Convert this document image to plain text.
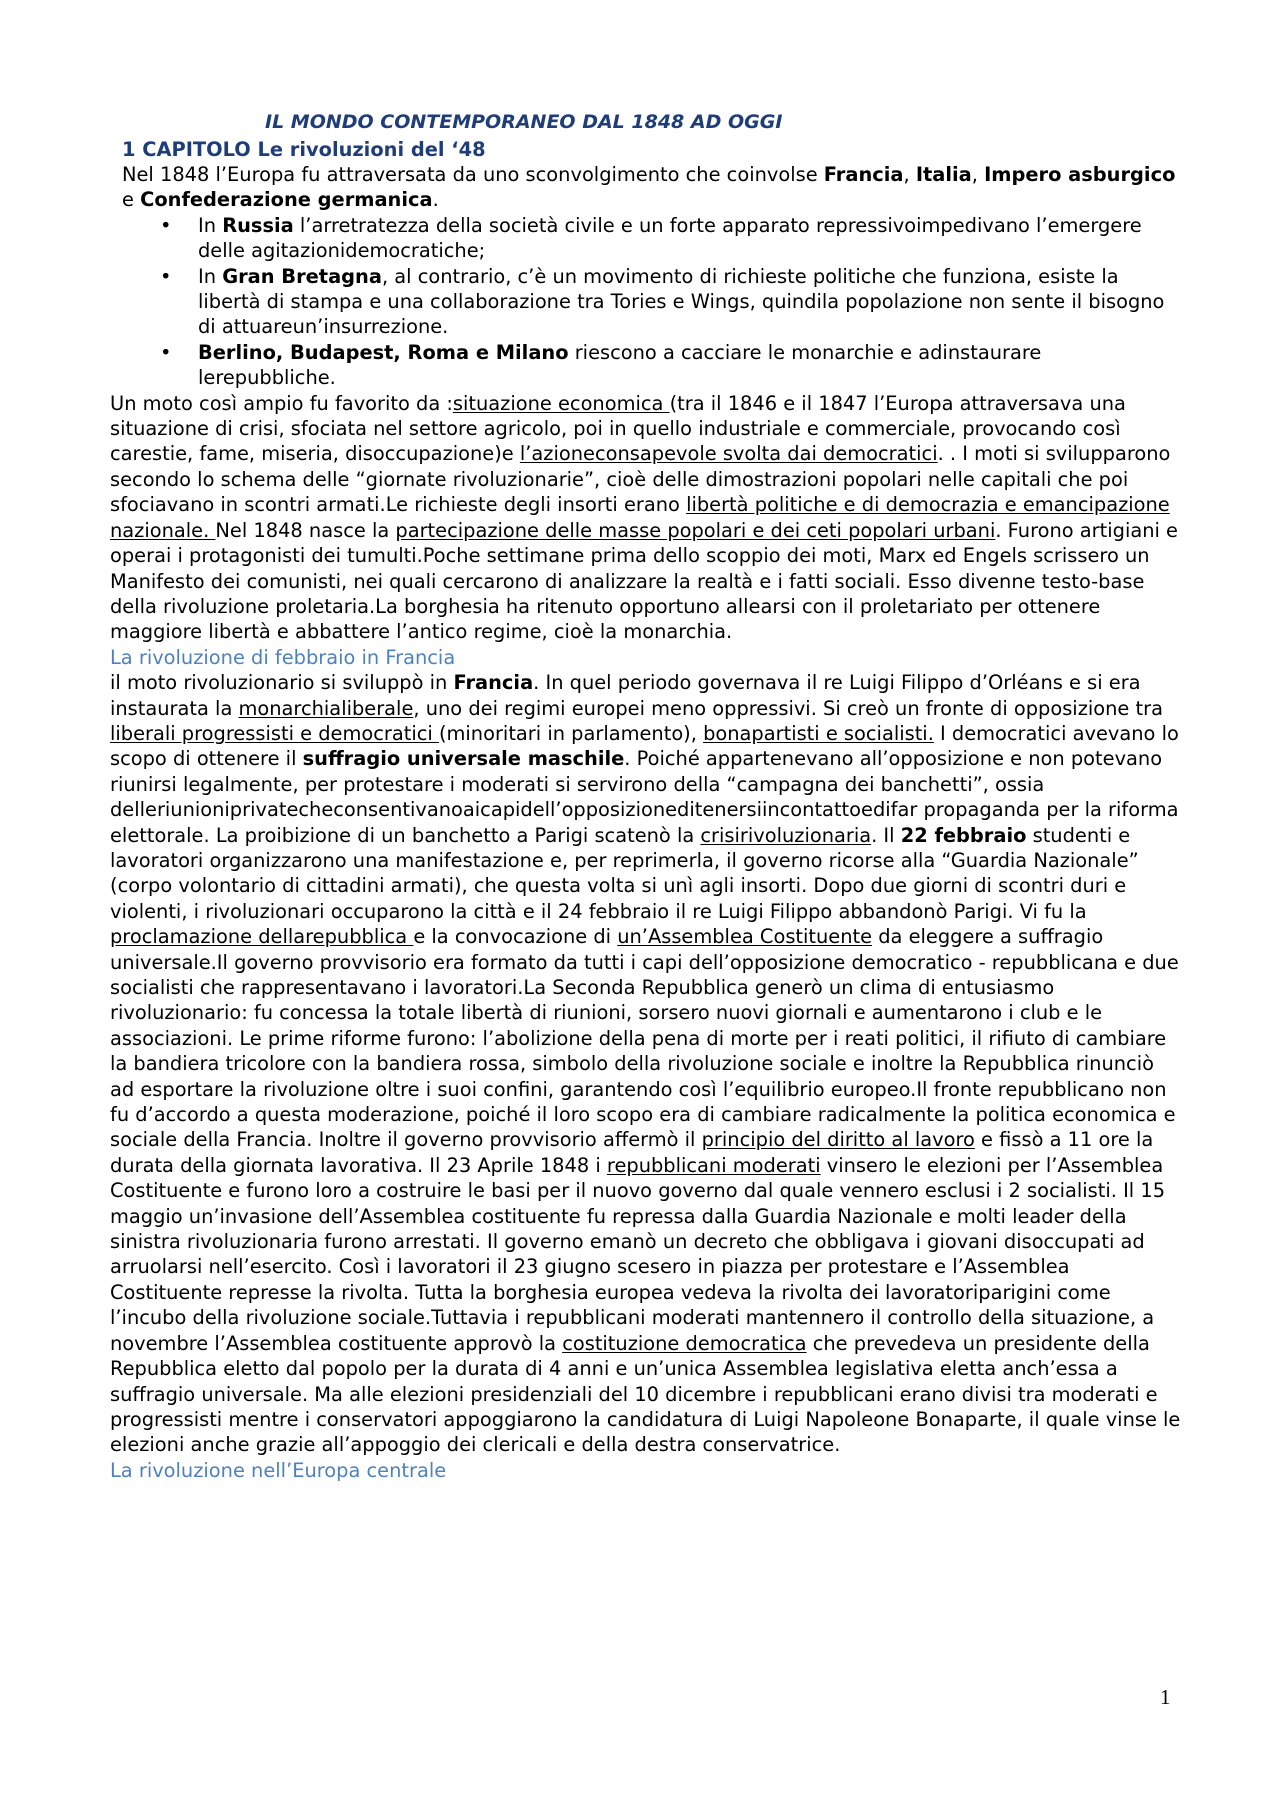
IL MONDO CONTEMPORANEO DAL 1848 AD OGGI
1 CAPITOLO Le rivoluzioni del ‘48
Nel 1848 l’Europa fu attraversata da uno sconvolgimento che coinvolse Francia, Italia, Impero asburgico e Confederazione germanica.
• In Russia l’arretratezza della società civile e un forte apparato repressivoimpedivano l’emergere delle agitazionidemocratiche;
• In Gran Bretagna, al contrario, c’è un movimento di richieste politiche che funziona, esiste la libertà di stampa e una collaborazione tra Tories e Wings, quindila popolazione non sente il bisogno di attuareun’insurrezione.
• Berlino, Budapest, Roma e Milano riescono a cacciare le monarchie e adinstaurare lerepubbliche.
Un moto così ampio fu favorito da :situazione economica (tra il 1846 e il 1847 l’Europa attraversava una situazione di crisi, sfociata nel settore agricolo, poi in quello industriale e commerciale, provocando così carestie, fame, miseria, disoccupazione)e l’azioneconsapevole svolta dai democratici. . I moti si svilupparono secondo lo schema delle “giornate rivoluzionarie”, cioè delle dimostrazioni popolari nelle capitali che poi sfociavano in scontri armati.Le richieste degli insorti erano libertà politiche e di democrazia e emancipazione nazionale. Nel 1848 nasce la partecipazione delle masse popolari e dei ceti popolari urbani. Furono artigiani e operai i protagonisti dei tumulti.Poche settimane prima dello scoppio dei moti, Marx ed Engels scrissero un Manifesto dei comunisti, nei quali cercarono di analizzare la realtà e i fatti sociali. Esso divenne testo-base della rivoluzione proletaria.La borghesia ha ritenuto opportuno allearsi con il proletariato per ottenere maggiore libertà e abbattere l’antico regime, cioè la monarchia.
La rivoluzione di febbraio in Francia
il moto rivoluzionario si sviluppò in Francia. In quel periodo governava il re Luigi Filippo d’Orléans e si era instaurata la monarchialiberale, uno dei regimi europei meno oppressivi. Si creò un fronte di opposizione tra liberali progressisti e democratici (minoritari in parlamento), bonapartisti e socialisti. I democratici avevano lo scopo di ottenere il suffragio universale maschile. Poiché appartenevano all’opposizione e non potevano riunirsi legalmente, per protestare i moderati si servirono della “campagna dei banchetti”, ossia delleriunioniprivatecheconsentivanoaicapidell’opposizioneditenersiincontattoedifar propaganda per la riforma elettorale. La proibizione di un banchetto a Parigi scatenò la crisirivoluzionaria. Il 22 febbraio studenti e lavoratori organizzarono una manifestazione e, per reprimerla, il governo ricorse alla “Guardia Nazionale” (corpo volontario di cittadini armati), che questa volta si unì agli insorti. Dopo due giorni di scontri duri e violenti, i rivoluzionari occuparono la città e il 24 febbraio il re Luigi Filippo abbandonò Parigi. Vi fu la proclamazione dellarepubblica e la convocazione di un’Assemblea Costituente da eleggere a suffragio universale.Il governo provvisorio era formato da tutti i capi dell’opposizione democratico - repubblicana e due socialisti che rappresentavano i lavoratori.La Seconda Repubblica generò un clima di entusiasmo rivoluzionario: fu concessa la totale libertà di riunioni, sorsero nuovi giornali e aumentarono i club e le associazioni. Le prime riforme furono: l’abolizione della pena di morte per i reati politici, il rifiuto di cambiare la bandiera tricolore con la bandiera rossa, simbolo della rivoluzione sociale e inoltre la Repubblica rinunciò ad esportare la rivoluzione oltre i suoi confini, garantendo così l’equilibrio europeo.Il fronte repubblicano non fu d’accordo a questa moderazione, poiché il loro scopo era di cambiare radicalmente la politica economica e sociale della Francia. Inoltre il governo provvisorio affermò il principio del diritto al lavoro e fissò a 11 ore la durata della giornata lavorativa. Il 23 Aprile 1848 i repubblicani moderati vinsero le elezioni per l’Assemblea Costituente e furono loro a costruire le basi per il nuovo governo dal quale vennero esclusi i 2 socialisti. Il 15 maggio un’invasione dell’Assemblea costituente fu repressa dalla Guardia Nazionale e molti leader della sinistra rivoluzionaria furono arrestati. Il governo emanò un decreto che obbligava i giovani disoccupati ad arruolarsi nell’esercito. Così i lavoratori il 23 giugno scesero in piazza per protestare e l’Assemblea Costituente represse la rivolta. Tutta la borghesia europea vedeva la rivolta dei lavoratoriparigini come l’incubo della rivoluzione sociale.Tuttavia i repubblicani moderati mantennero il controllo della situazione, a novembre l’Assemblea costituente approvò la costituzione democratica che prevedeva un presidente della Repubblica eletto dal popolo per la durata di 4 anni e un’unica Assemblea legislativa eletta anch’essa a suffragio universale. Ma alle elezioni presidenziali del 10 dicembre i repubblicani erano divisi tra moderati e progressisti mentre i conservatori appoggiarono la candidatura di Luigi Napoleone Bonaparte, il quale vinse le elezioni anche grazie all’appoggio dei clericali e della destra conservatrice.
La rivoluzione nell’Europa centrale
1
